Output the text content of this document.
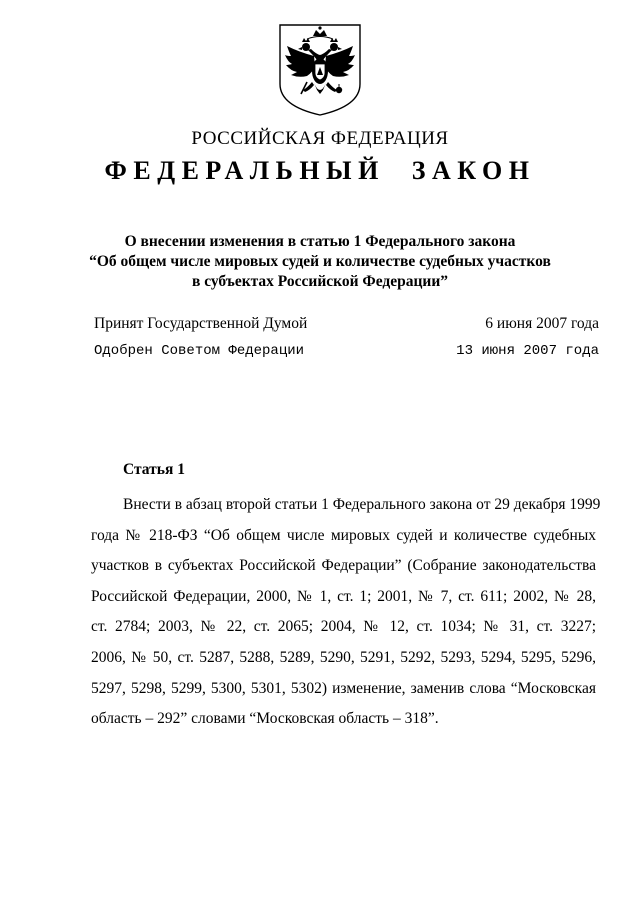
РОССИЙСКАЯ ФЕДЕРАЦИЯ
ФЕДЕРАЛЬНЫЙ ЗАКОН
О внесении изменения в статью 1 Федерального закона
“Об общем числе мировых судей и количестве судебных участков
в субъектах Российской Федерации”
Принят Государственной Думой	6 июня 2007 года
Одобрен Советом Федерации	13 июня 2007 года
Статья 1
Внести в абзац второй статьи 1 Федерального закона от 29 декабря 1999
года № 218-ФЗ “Об общем числе мировых судей и количестве судебных
участков в субъектах Российской Федерации” (Собрание законодательства
Российской Федерации, 2000, № 1, ст. 1; 2001, № 7, ст. 611; 2002, № 28,
ст. 2784; 2003, № 22, ст. 2065; 2004, № 12, ст. 1034; № 31, ст. 3227;
2006, № 50, ст. 5287, 5288, 5289, 5290, 5291, 5292, 5293, 5294, 5295, 5296,
5297, 5298, 5299, 5300, 5301, 5302) изменение, заменив слова “Московская
область – 292” словами “Московская область – 318”.
